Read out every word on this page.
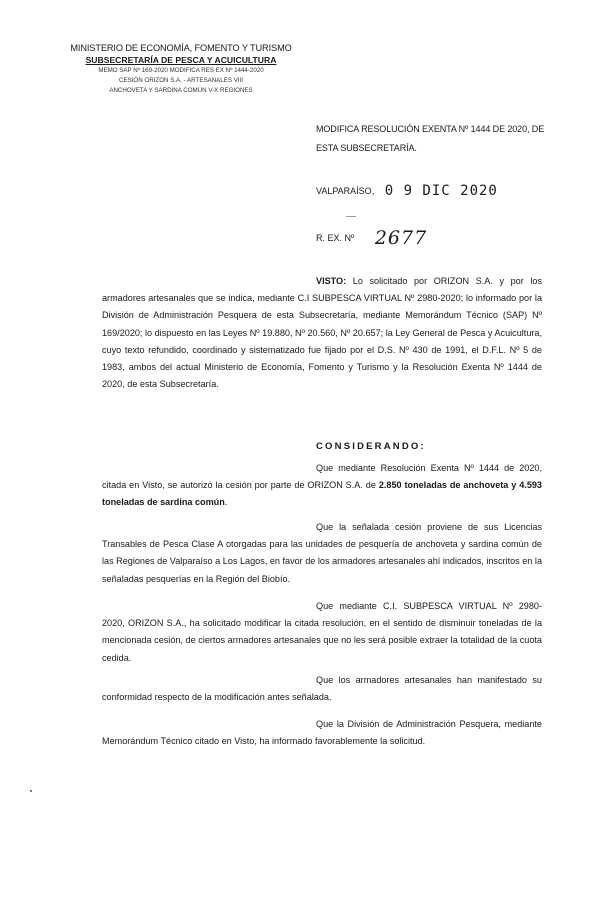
MINISTERIO DE ECONOMÍA, FOMENTO Y TURISMO
SUBSECRETARÍA DE PESCA Y ACUICULTURA
MEMO SAP Nº 169-2020 MODIFICA RES EX Nº 1444-2020
CESIÓN ORIZON S.A. - ARTESANALES VIII
ANCHOVETA Y SARDINA COMÚN V-X REGIONES
MODIFICA RESOLUCIÓN EXENTA Nº 1444 DE 2020, DE ESTA SUBSECRETARÍA.
VALPARAÍSO, 0 9 DIC 2020
R. EX. Nº 2677
VISTO: Lo solicitado por ORIZON S.A. y por los armadores artesanales que se indica, mediante C.I SUBPESCA VIRTUAL Nº 2980-2020; lo informado por la División de Administración Pesquera de esta Subsecretaría, mediante Memorándum Técnico (SAP) Nº 169/2020; lo dispuesto en las Leyes Nº 19.880, Nº 20.560, Nº 20.657; la Ley General de Pesca y Acuicultura, cuyo texto refundido, coordinado y sistematizado fue fijado por el D.S. Nº 430 de 1991, el D.F.L. Nº 5 de 1983, ambos del actual Ministerio de Economía, Fomento y Turismo y la Resolución Exenta Nº 1444 de 2020, de esta Subsecretaría.
CONSIDERANDO:
Que mediante Resolución Exenta Nº 1444 de 2020, citada en Visto, se autorizó la cesión por parte de ORIZON S.A. de 2.850 toneladas de anchoveta y 4.593 toneladas de sardina común.
Que la señalada cesión proviene de sus Licencias Transables de Pesca Clase A otorgadas para las unidades de pesquería de anchoveta y sardina común de las Regiones de Valparaíso a Los Lagos, en favor de los armadores artesanales ahí indicados, inscritos en la señaladas pesquerías en la Región del Biobío.
Que mediante C.I. SUBPESCA VIRTUAL Nº 2980-2020, ORIZON S.A., ha solicitado modificar la citada resolución, en el sentido de disminuir toneladas de la mencionada cesión, de ciertos armadores artesanales que no les será posible extraer la totalidad de la cuota cedida.
Que los armadores artesanales han manifestado su conformidad respecto de la modificación antes señalada.
Que la División de Administración Pesquera, mediante Memorándum Técnico citado en Visto, ha informado favorablemente la solicitud.
